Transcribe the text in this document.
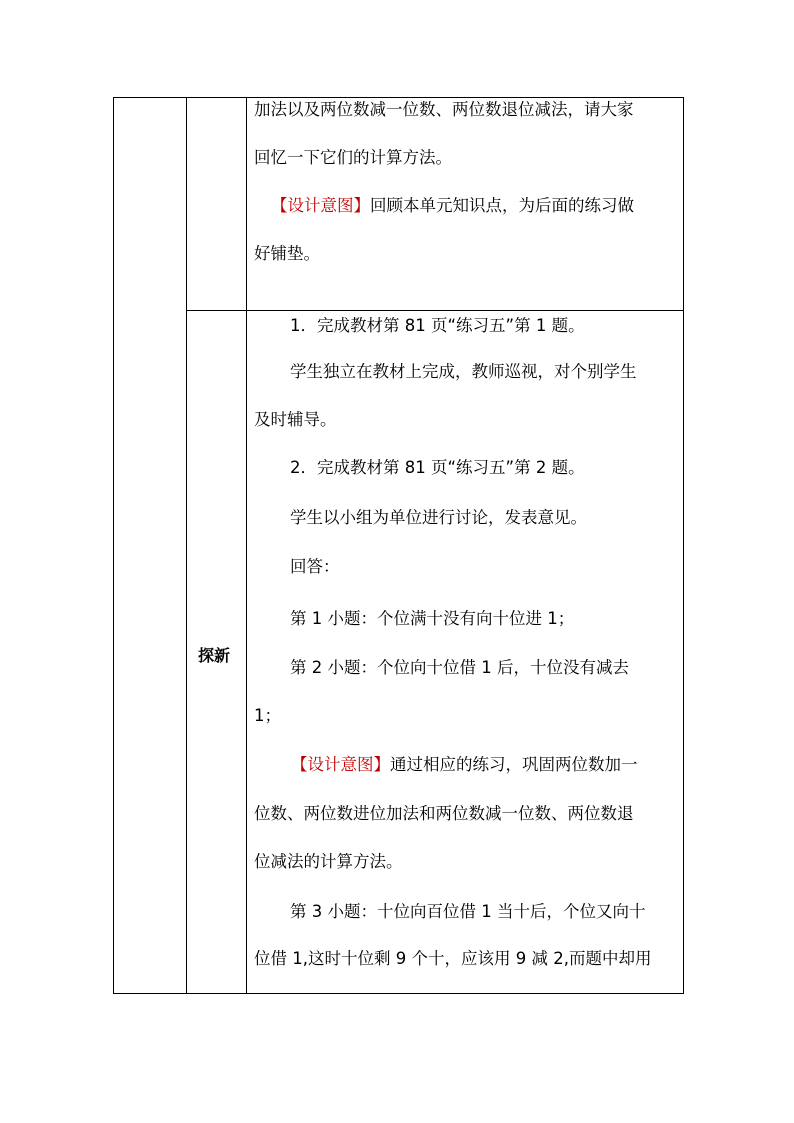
加法以及两位数减一位数、两位数退位减法，请大家
回忆一下它们的计算方法。
【设计意图】回顾本单元知识点，为后面的练习做
好铺垫。
探新
1．完成教材第 81 页“练习五”第 1 题。
学生独立在教材上完成，教师巡视，对个别学生
及时辅导。
2．完成教材第 81 页“练习五”第 2 题。
学生以小组为单位进行讨论，发表意见。
回答：
第 1 小题：个位满十没有向十位进 1；
第 2 小题：个位向十位借 1 后，十位没有减去
1；
【设计意图】通过相应的练习，巩固两位数加一
位数、两位数进位加法和两位数减一位数、两位数退
位减法的计算方法。
第 3 小题：十位向百位借 1 当十后，个位又向十
位借 1,这时十位剩 9 个十，应该用 9 减 2,而题中却用
